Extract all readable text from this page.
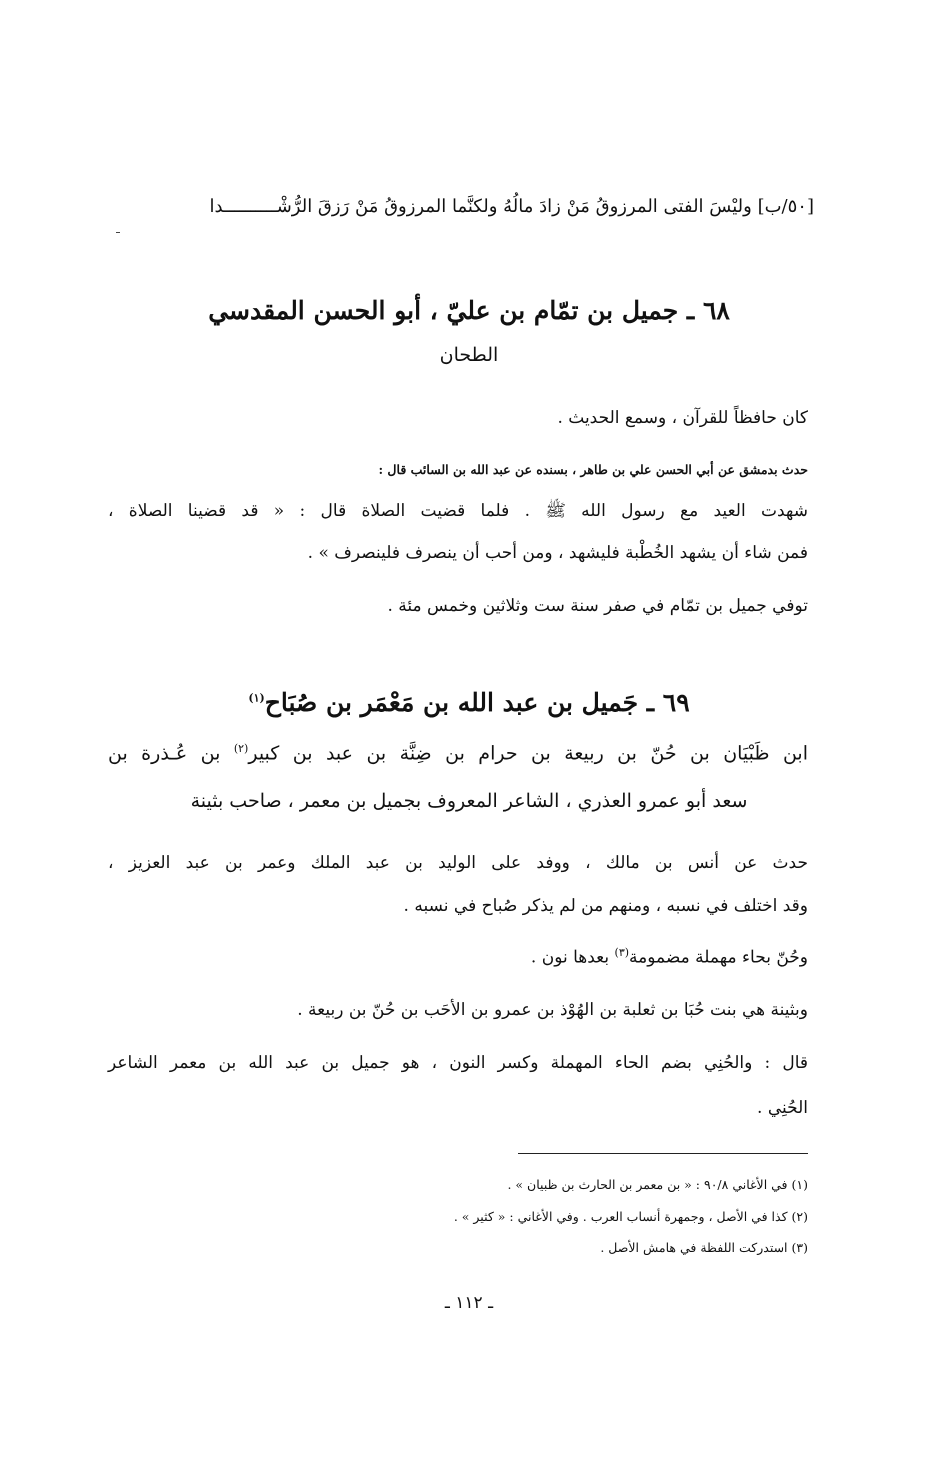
[٥٠/ب] وليْسَ الفتى المرزوقُ مَنْ زادَ مالُهُ ولكنَّما المرزوقُ مَنْ رَزقَ الرُّشْــــــــــدا
٦٨ ـ جميل بن تمّام بن عليّ ، أبو الحسن المقدسي
الطحان
كان حافظاً للقرآن ، وسمع الحديث .
حدث بدمشق عن أبي الحسن علي بن طاهر ، بسنده عن عبد الله بن السائب قال :
شهدت العيد مع رسول الله ﷺ . فلما قضيت الصلاة قال : « قد قضينا الصلاة ،
فمن شاء أن يشهد الخُطْبة فليشهد ، ومن أحب أن ينصرف فلينصرف » .
توفي جميل بن تمّام في صفر سنة ست وثلاثين وخمس مئة .
٦٩ ـ جَميل بن عبد الله بن مَعْمَر بن صُبَاح$^{(١)}$
ابن ظَبْيَان بن حُنّ بن ربيعة بن حرام بن ضِنَّة بن عبد بن كبير$^{(٢)}$ بن عُـذرة بن
سعد أبو عمرو العذري ، الشاعر المعروف بجميل بن معمر ، صاحب بثينة
حدث عن أنس بن مالك ، ووفد على الوليد بن عبد الملك وعمر بن عبد العزيز ،
وقد اختلف في نسبه ، ومنهم من لم يذكر صُباح في نسبه .
وحُنّ بحاء مهملة مضمومة$^{(٣)}$ بعدها نون .
وبثينة هي بنت حُبَا بن ثعلبة بن الهُوْذ بن عمرو بن الأحَب بن حُنّ بن ربيعة .
قال : والحُنِي بضم الحاء المهملة وكسر النون ، هو جميل بن عبد الله بن معمر الشاعر
الحُنِي .
(١) في الأغاني ٩٠/٨ : « بن معمر بن الحارث بن ظبيان » .
(٢) كذا في الأصل ، وجمهرة أنساب العرب . وفي الأغاني : « كثير » .
(٣) استدركت اللفظة في هامش الأصل .
ـ ١١٢ ـ
